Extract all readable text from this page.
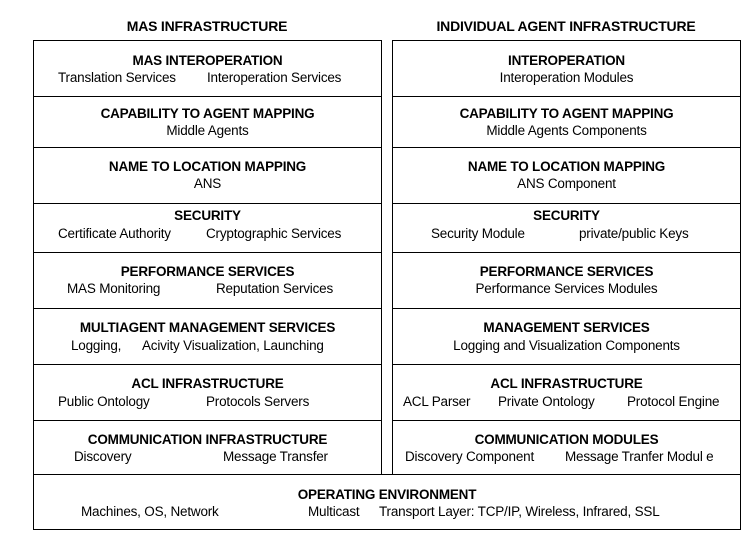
MAS INFRASTRUCTURE	INDIVIDUAL AGENT INFRASTRUCTURE
MAS INTEROPERATION
Translation Services Interoperation Services
CAPABILITY TO AGENT MAPPING
Middle Agents
NAME TO LOCATION MAPPING
ANS
SECURITY
Certificate Authority	Cryptographic Services
PERFORMANCE SERVICES
MAS Monitoring	Reputation Services
MULTIAGENT MANAGEMENT SERVICES
Logging, Acivity Visualization, Launching
ACL INFRASTRUCTURE
Public Ontology	Protocols Servers
COMMUNICATION INFRASTRUCTURE
Discovery	Message Transfer
INTEROPERATION
Interoperation Modules
CAPABILITY TO AGENT MAPPING
Middle Agents Components
NAME TO LOCATION MAPPING
ANS Component
SECURITY
Security Module	private/public Keys
PERFORMANCE SERVICES
Performance Services Modules
MANAGEMENT SERVICES
Logging and Visualization Components
ACL INFRASTRUCTURE
ACL Parser Private Ontology Protocol Engine
COMMUNICATION MODULES
Discovery Component Message Tranfer Modul e
OPERATING ENVIRONMENT
Machines, OS, Network	Multicast Transport Layer: TCP/IP, Wireless, Infrared, SSL
